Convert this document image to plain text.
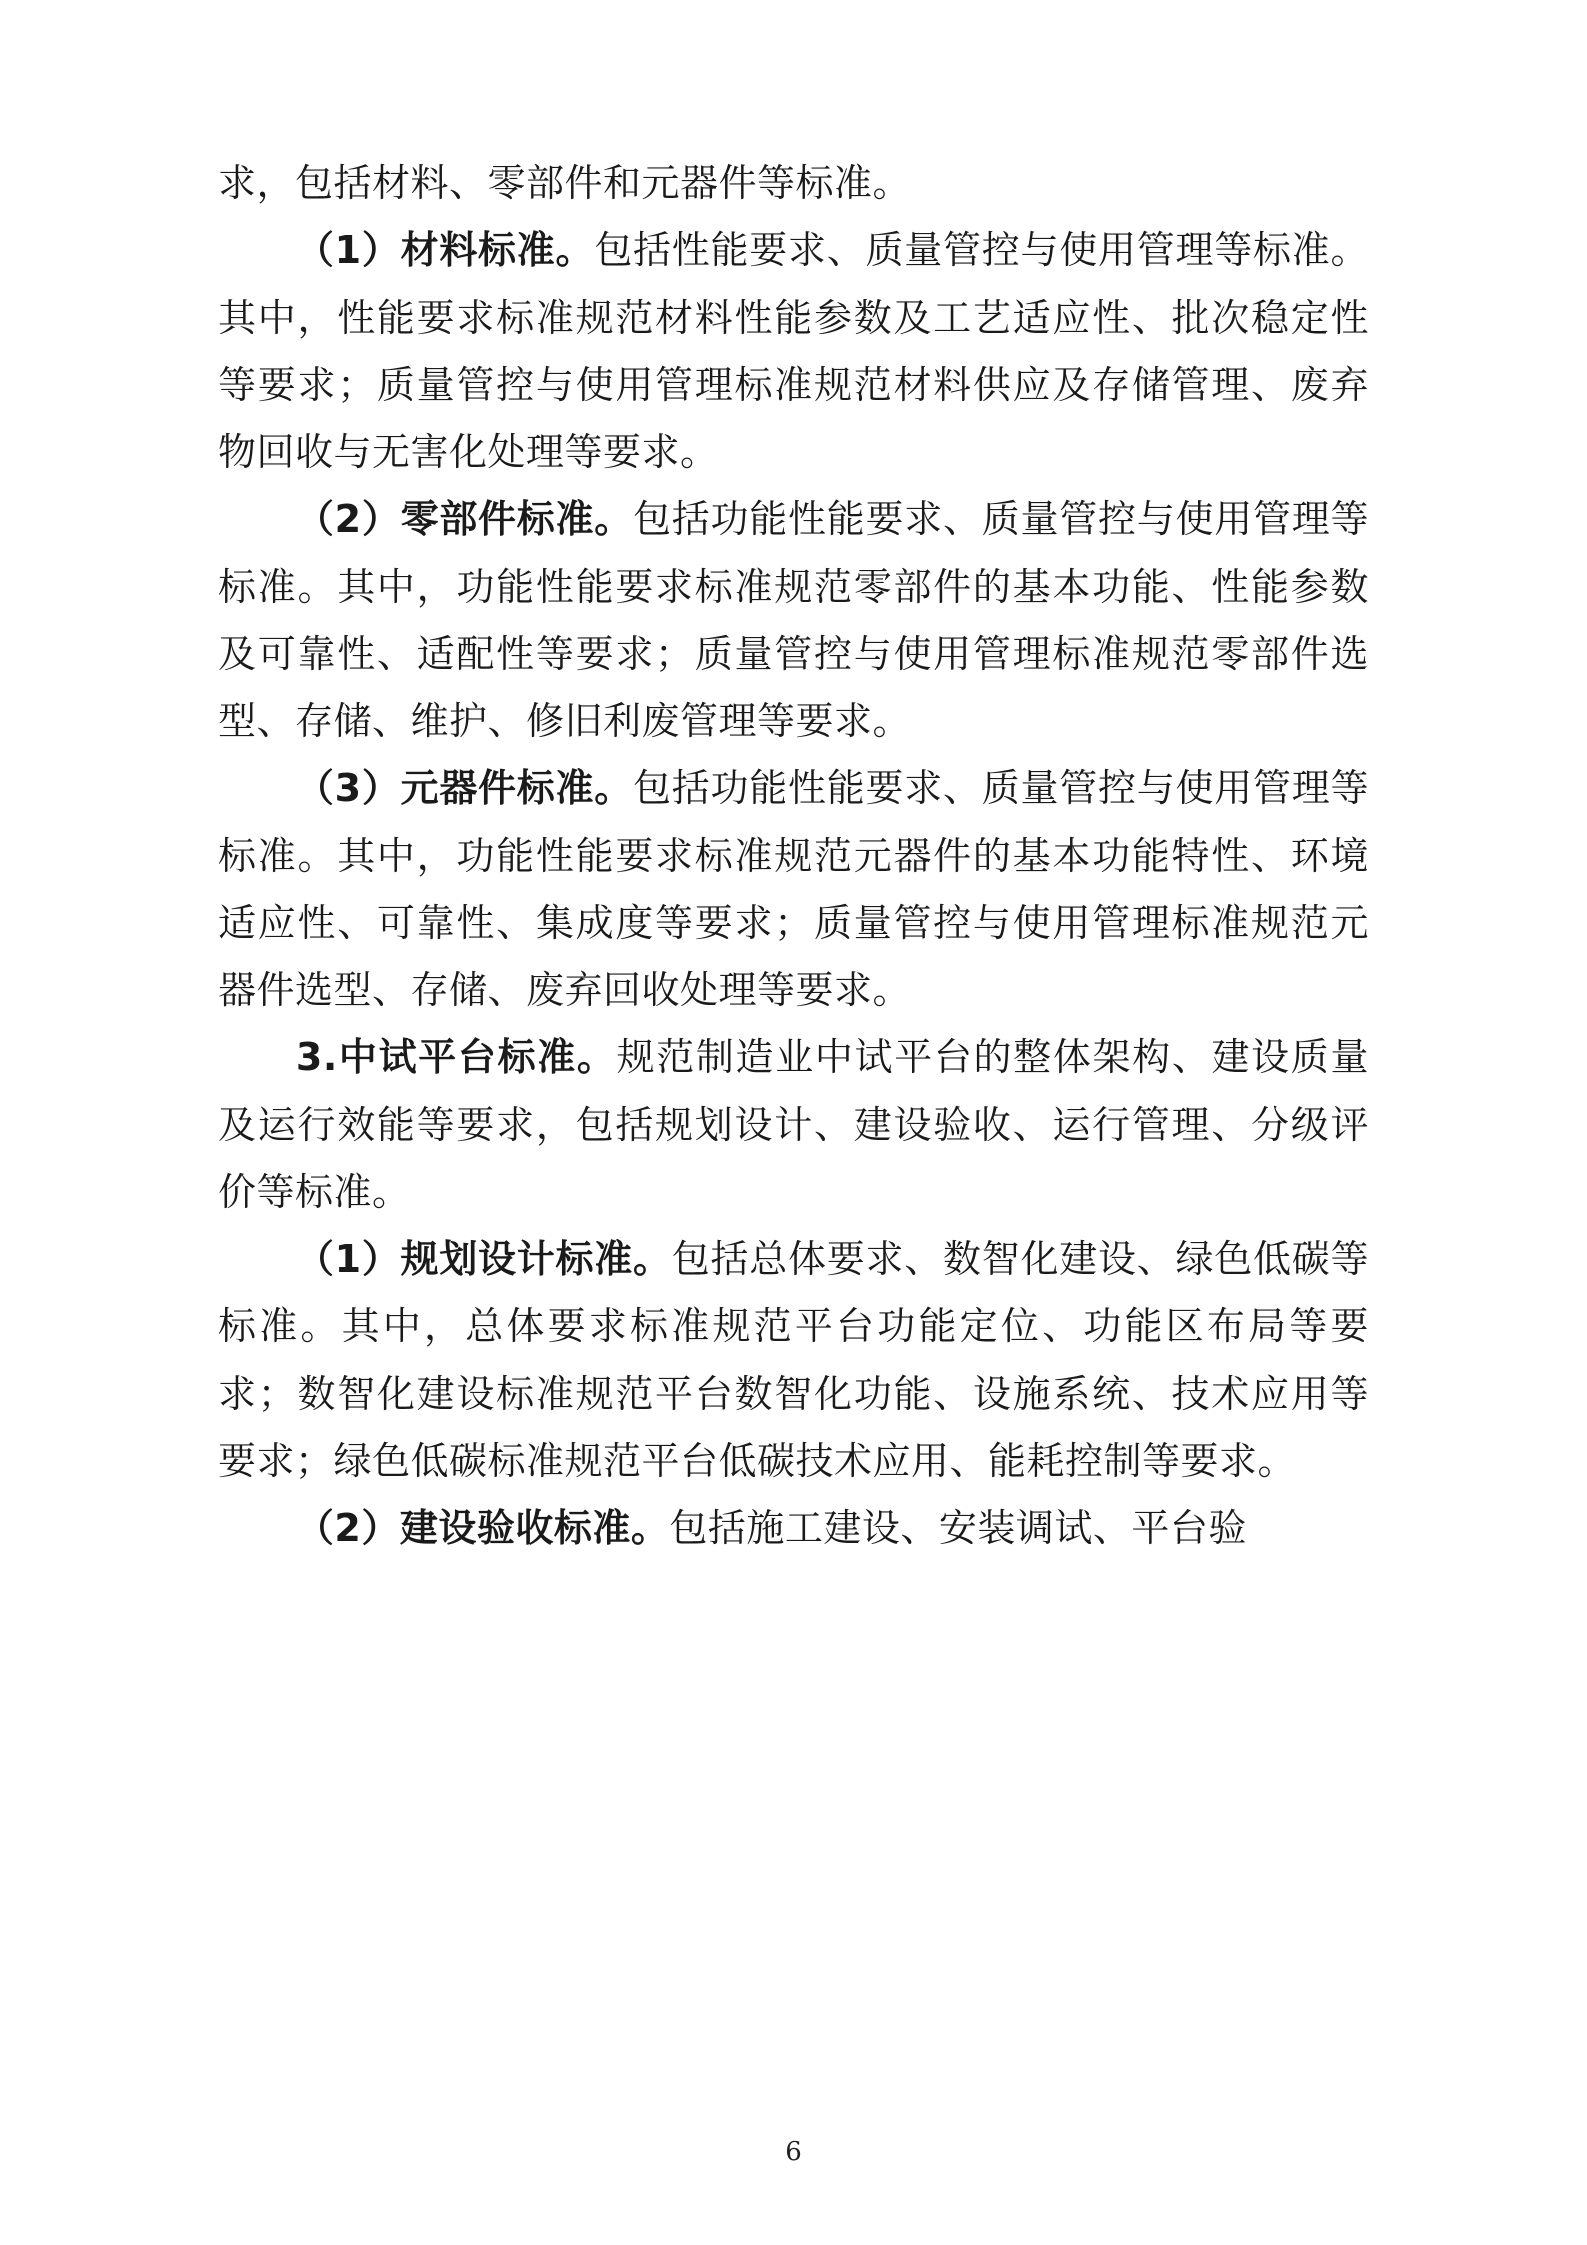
求，包括材料、零部件和元器件等标准。

（1）材料标准。包括性能要求、质量管控与使用管理等标准。其中，性能要求标准规范材料性能参数及工艺适应性、批次稳定性等要求；质量管控与使用管理标准规范材料供应及存储管理、废弃物回收与无害化处理等要求。

（2）零部件标准。包括功能性能要求、质量管控与使用管理等标准。其中，功能性能要求标准规范零部件的基本功能、性能参数及可靠性、适配性等要求；质量管控与使用管理标准规范零部件选型、存储、维护、修旧利废管理等要求。

（3）元器件标准。包括功能性能要求、质量管控与使用管理等标准。其中，功能性能要求标准规范元器件的基本功能特性、环境适应性、可靠性、集成度等要求；质量管控与使用管理标准规范元器件选型、存储、废弃回收处理等要求。

3.中试平台标准。规范制造业中试平台的整体架构、建设质量及运行效能等要求，包括规划设计、建设验收、运行管理、分级评价等标准。

（1）规划设计标准。包括总体要求、数智化建设、绿色低碳等标准。其中，总体要求标准规范平台功能定位、功能区布局等要求；数智化建设标准规范平台数智化功能、设施系统、技术应用等要求；绿色低碳标准规范平台低碳技术应用、能耗控制等要求。

（2）建设验收标准。包括施工建设、安装调试、平台验

6
